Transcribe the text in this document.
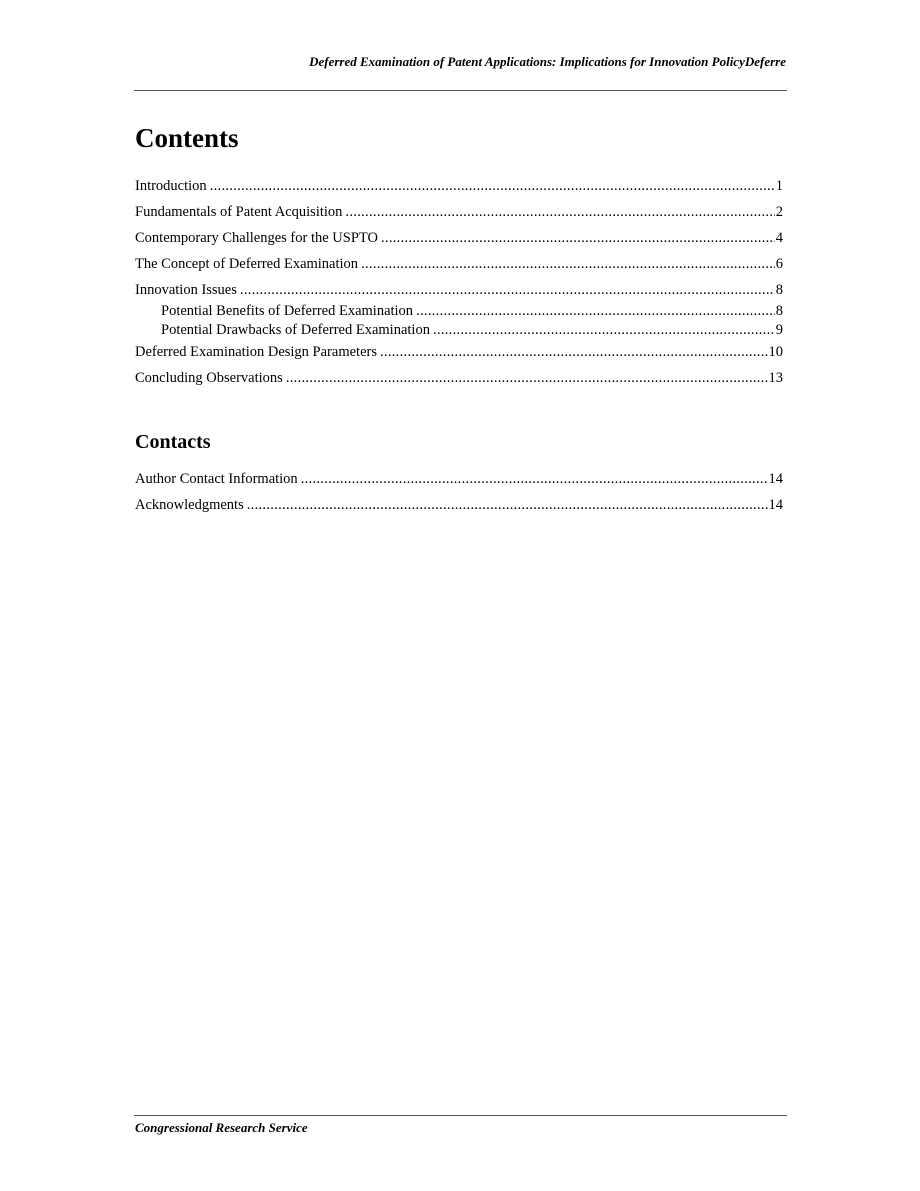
Deferred Examination of Patent Applications: Implications for Innovation PolicyDeferre
Contents
Introduction .....	1
Fundamentals of Patent Acquisition .....	2
Contemporary Challenges for the USPTO .....	4
The Concept of Deferred Examination .....	6
Innovation Issues .....	8
Potential Benefits of Deferred Examination .....	8
Potential Drawbacks of Deferred Examination .....	9
Deferred Examination Design Parameters .....	10
Concluding Observations .....	13
Contacts
Author Contact Information .....	14
Acknowledgments .....	14
Congressional Research Service
